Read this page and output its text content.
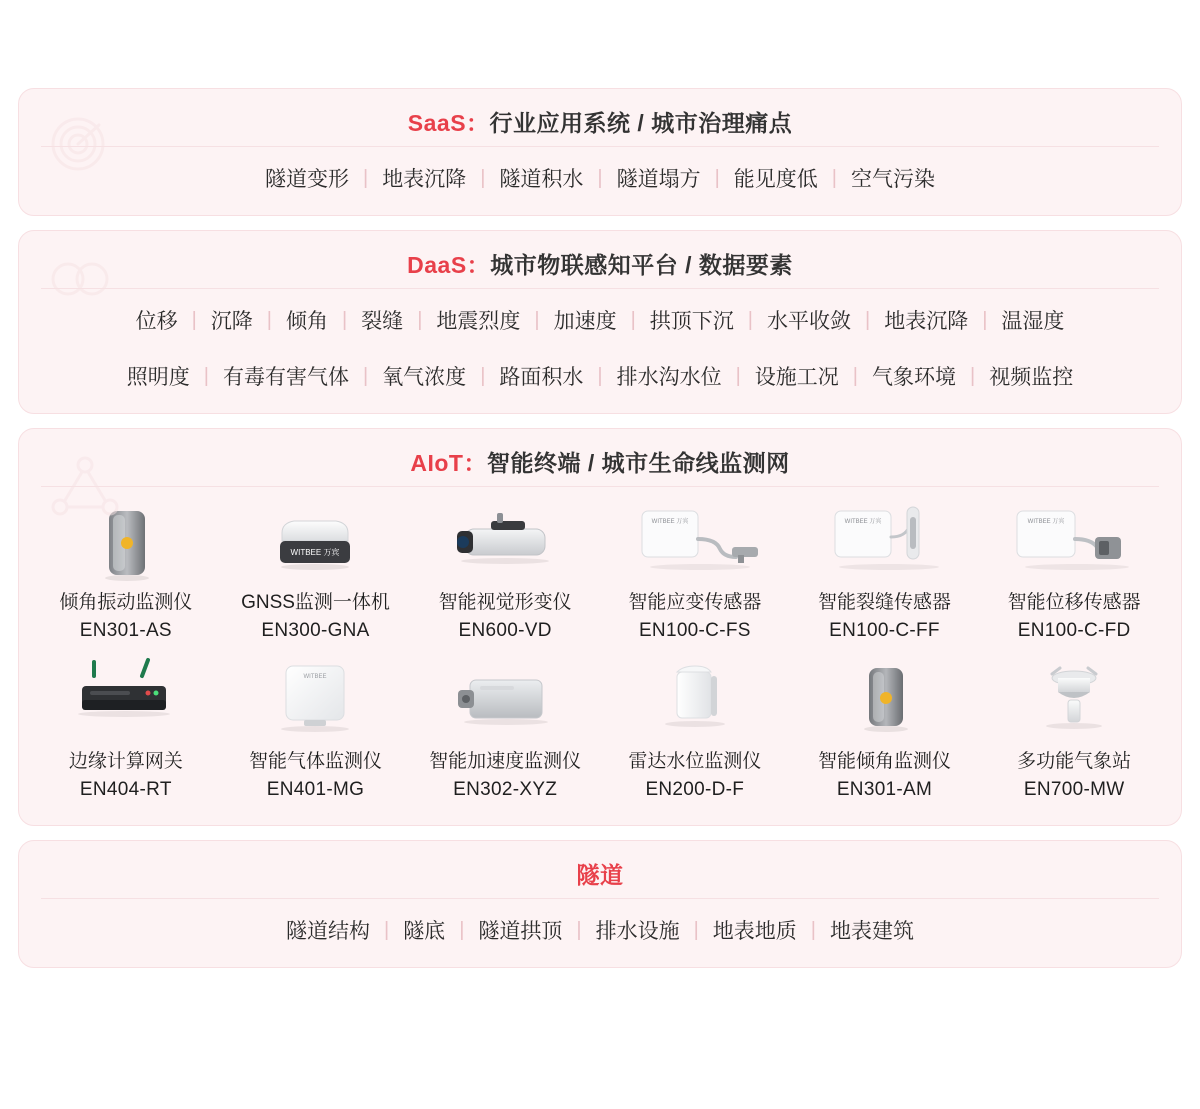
SaaS：行业应用系统 / 城市治理痛点
隧道变形 | 地表沉降 | 隧道积水 | 隧道塌方 | 能见度低 | 空气污染
DaaS：城市物联感知平台 / 数据要素
位移 | 沉降 | 倾角 | 裂缝 | 地震烈度 | 加速度 | 拱顶下沉 | 水平收敛 | 地表沉降 | 温湿度
照明度 | 有毒有害气体 | 氧气浓度 | 路面积水 | 排水沟水位 | 设施工况 | 气象环境 | 视频监控
AIoT：智能终端 / 城市生命线监测网
倾角振动监测仪
EN301-AS
WITBEE 万宾
GNSS监测一体机
EN300-GNA
智能视觉形变仪
EN600-VD
WITBEE 万宾
智能应变传感器
EN100-C-FS
WITBEE 万宾
智能裂缝传感器
EN100-C-FF
WITBEE 万宾
智能位移传感器
EN100-C-FD
边缘计算网关
EN404-RT
WITBEE
智能气体监测仪
EN401-MG
智能加速度监测仪
EN302-XYZ
雷达水位监测仪
EN200-D-F
智能倾角监测仪
EN301-AM
多功能气象站
EN700-MW
隧道
隧道结构 | 隧底 | 隧道拱顶 | 排水设施 | 地表地质 | 地表建筑
